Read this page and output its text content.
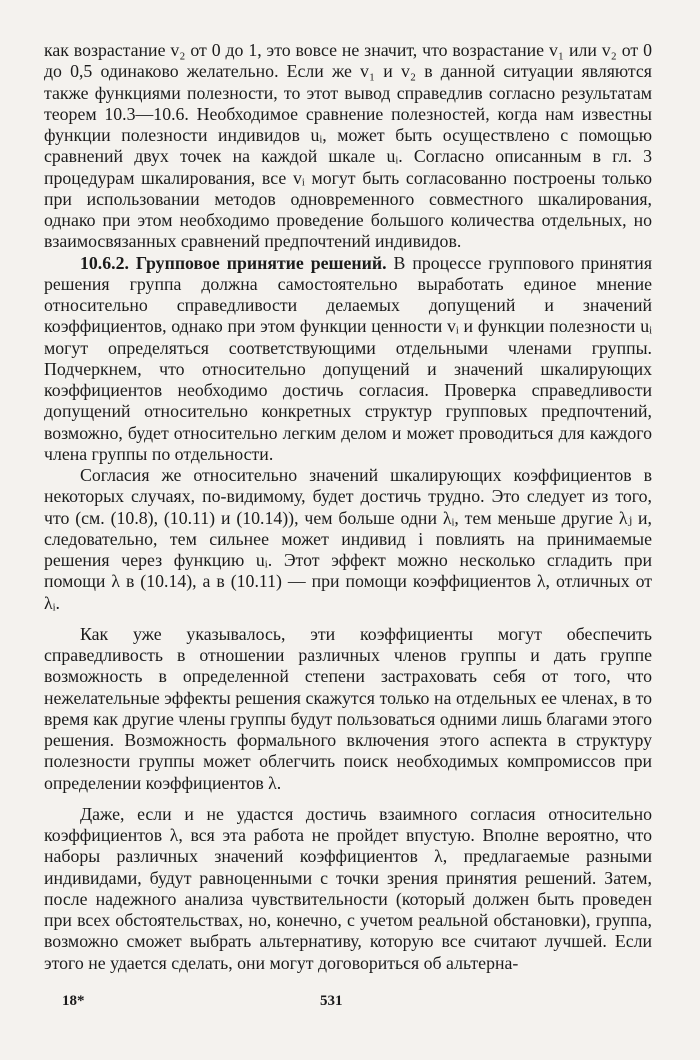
как возрастание v₂ от 0 до 1, это вовсе не значит, что возрастание v₁ или v₂ от 0 до 0,5 одинаково желательно. Если же v₁ и v₂ в данной ситуации являются также функциями полезности, то этот вывод справедлив согласно результатам теорем 10.3—10.6. Необходимое сравнение полезностей, когда нам известны функции полезности индивидов uᵢ, может быть осуществлено с помощью сравнений двух точек на каждой шкале uᵢ. Согласно описанным в гл. 3 процедурам шкалирования, все vᵢ могут быть согласованно построены только при использовании методов одновременного совместного шкалирования, однако при этом необходимо проведение большого количества отдельных, но взаимосвязанных сравнений предпочтений индивидов.

10.6.2. Групповое принятие решений. В процессе группового принятия решения группа должна самостоятельно выработать единое мнение относительно справедливости делаемых допущений и значений коэффициентов, однако при этом функции ценности vᵢ и функции полезности uᵢ могут определяться соответствующими отдельными членами группы. Подчеркнем, что относительно допущений и значений шкалирующих коэффициентов необходимо достичь согласия. Проверка справедливости допущений относительно конкретных структур групповых предпочтений, возможно, будет относительно легким делом и может проводиться для каждого члена группы по отдельности.

Согласия же относительно значений шкалирующих коэффициентов в некоторых случаях, по-видимому, будет достичь трудно. Это следует из того, что (см. (10.8), (10.11) и (10.14)), чем больше одни λᵢ, тем меньше другие λⱼ и, следовательно, тем сильнее может индивид i повлиять на принимаемые решения через функцию uᵢ. Этот эффект можно несколько сгладить при помощи λ в (10.14), а в (10.11) — при помощи коэффициентов λ, отличных от λᵢ.

Как уже указывалось, эти коэффициенты могут обеспечить справедливость в отношении различных членов группы и дать группе возможность в определенной степени застраховать себя от того, что нежелательные эффекты решения скажутся только на отдельных ее членах, в то время как другие члены группы будут пользоваться одними лишь благами этого решения. Возможность формального включения этого аспекта в структуру полезности группы может облегчить поиск необходимых компромиссов при определении коэффициентов λ.

Даже, если и не удастся достичь взаимного согласия относительно коэффициентов λ, вся эта работа не пройдет впустую. Вполне вероятно, что наборы различных значений коэффициентов λ, предлагаемые разными индивидами, будут равноценными с точки зрения принятия решений. Затем, после надежного анализа чувствительности (который должен быть проведен при всех обстоятельствах, но, конечно, с учетом реальной обстановки), группа, возможно сможет выбрать альтернативу, которую все считают лучшей. Если этого не удается сделать, они могут договориться об альтерна-

18*	531
